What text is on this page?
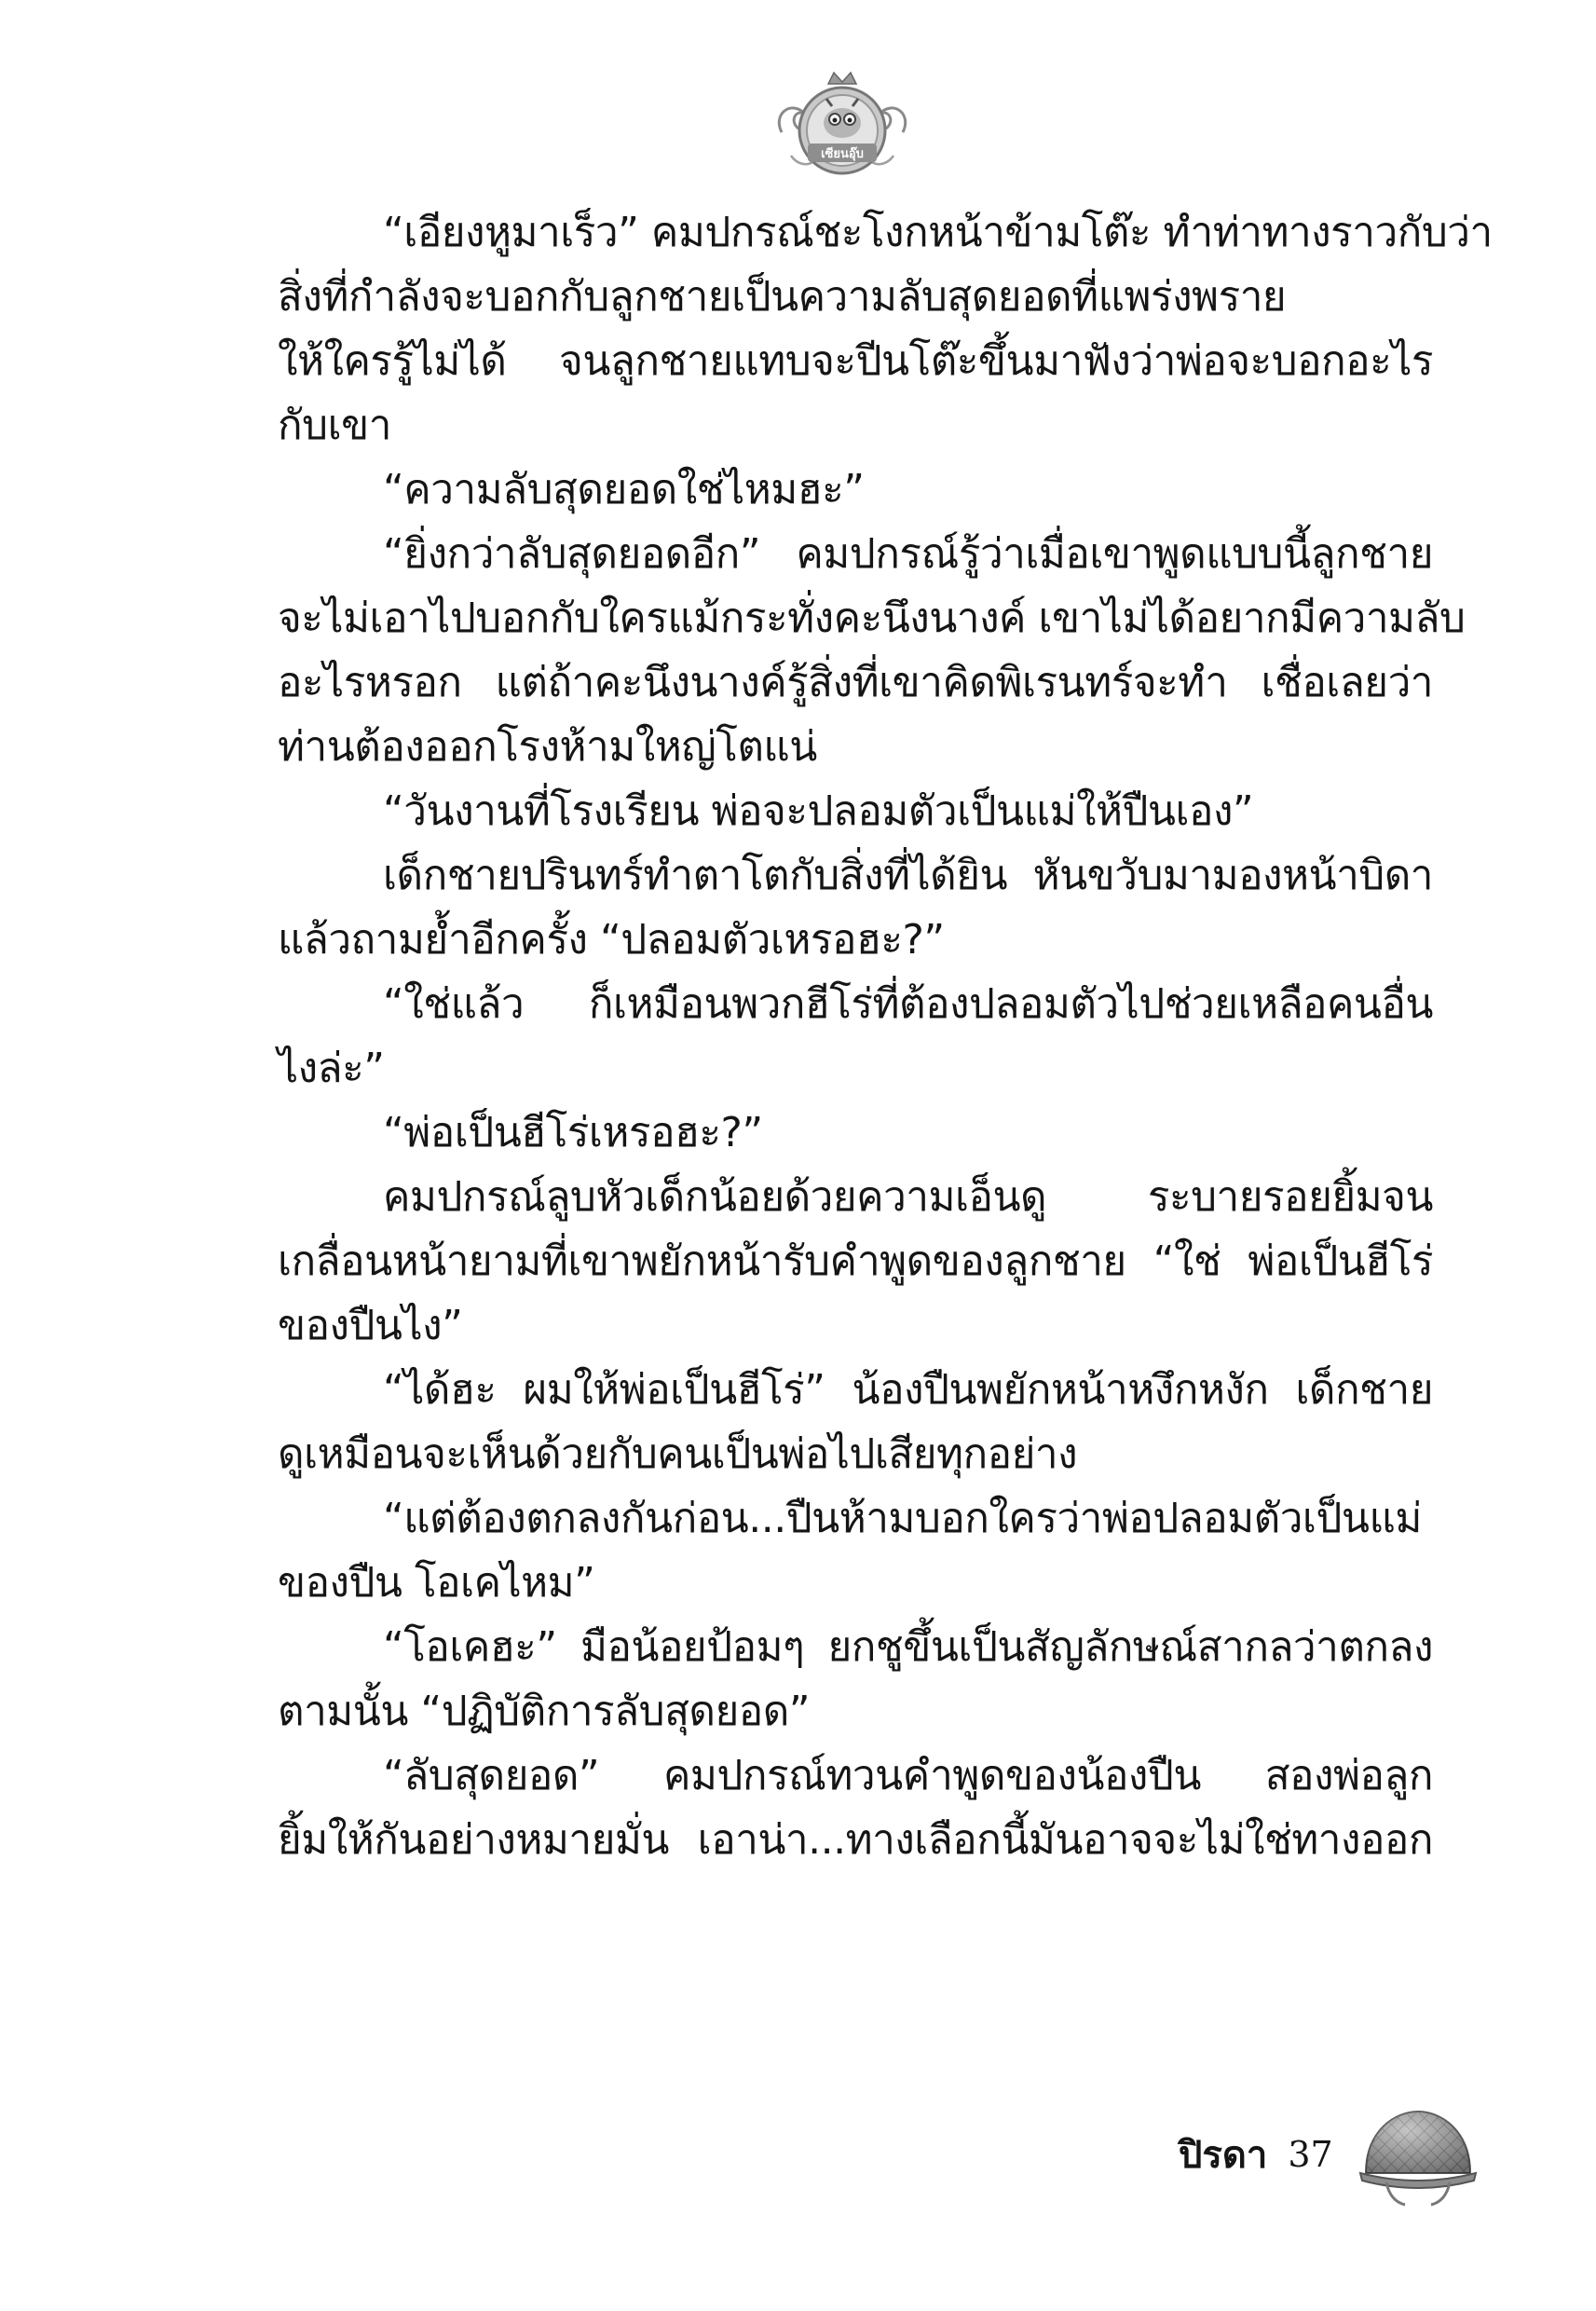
เซียนอุ๊บ
“เอียงหูมาเร็ว” คมปกรณ์ชะโงกหน้าข้ามโต๊ะ ทำท่าทางราวกับว่า
สิ่งที่กำลังจะบอกกับลูกชายเป็นความลับสุดยอดที่แพร่งพราย
ให้ใครรู้ไม่ได้ จนลูกชายแทบจะปีนโต๊ะขึ้นมาฟังว่าพ่อจะบอกอะไร
กับเขา
“ความลับสุดยอดใช่ไหมฮะ”
“ยิ่งกว่าลับสุดยอดอีก” คมปกรณ์รู้ว่าเมื่อเขาพูดแบบนี้ลูกชาย
จะไม่เอาไปบอกกับใครแม้กระทั่งคะนึงนางค์ เขาไม่ได้อยากมีความลับ
อะไรหรอก แต่ถ้าคะนึงนางค์รู้สิ่งที่เขาคิดพิเรนทร์จะทำ เชื่อเลยว่า
ท่านต้องออกโรงห้ามใหญ่โตแน่
“วันงานที่โรงเรียน พ่อจะปลอมตัวเป็นแม่ให้ปืนเอง”
เด็กชายปรินทร์ทำตาโตกับสิ่งที่ได้ยิน หันขวับมามองหน้าบิดา
แล้วถามย้ำอีกครั้ง “ปลอมตัวเหรอฮะ?”
“ใช่แล้ว ก็เหมือนพวกฮีโร่ที่ต้องปลอมตัวไปช่วยเหลือคนอื่น
ไงล่ะ”
“พ่อเป็นฮีโร่เหรอฮะ?”
คมปกรณ์ลูบหัวเด็กน้อยด้วยความเอ็นดู ระบายรอยยิ้มจน
เกลื่อนหน้ายามที่เขาพยักหน้ารับคำพูดของลูกชาย “ใช่ พ่อเป็นฮีโร่
ของปืนไง”
“ได้ฮะ ผมให้พ่อเป็นฮีโร่” น้องปืนพยักหน้าหงึกหงัก เด็กชาย
ดูเหมือนจะเห็นด้วยกับคนเป็นพ่อไปเสียทุกอย่าง
“แต่ต้องตกลงกันก่อน...ปืนห้ามบอกใครว่าพ่อปลอมตัวเป็นแม่
ของปืน โอเคไหม”
“โอเคฮะ” มือน้อยป้อมๆ ยกชูขึ้นเป็นสัญลักษณ์สากลว่าตกลง
ตามนั้น “ปฏิบัติการลับสุดยอด”
“ลับสุดยอด” คมปกรณ์ทวนคำพูดของน้องปืน สองพ่อลูก
ยิ้มให้กันอย่างหมายมั่น เอาน่า...ทางเลือกนี้มันอาจจะไม่ใช่ทางออก
ปิรดา 37
